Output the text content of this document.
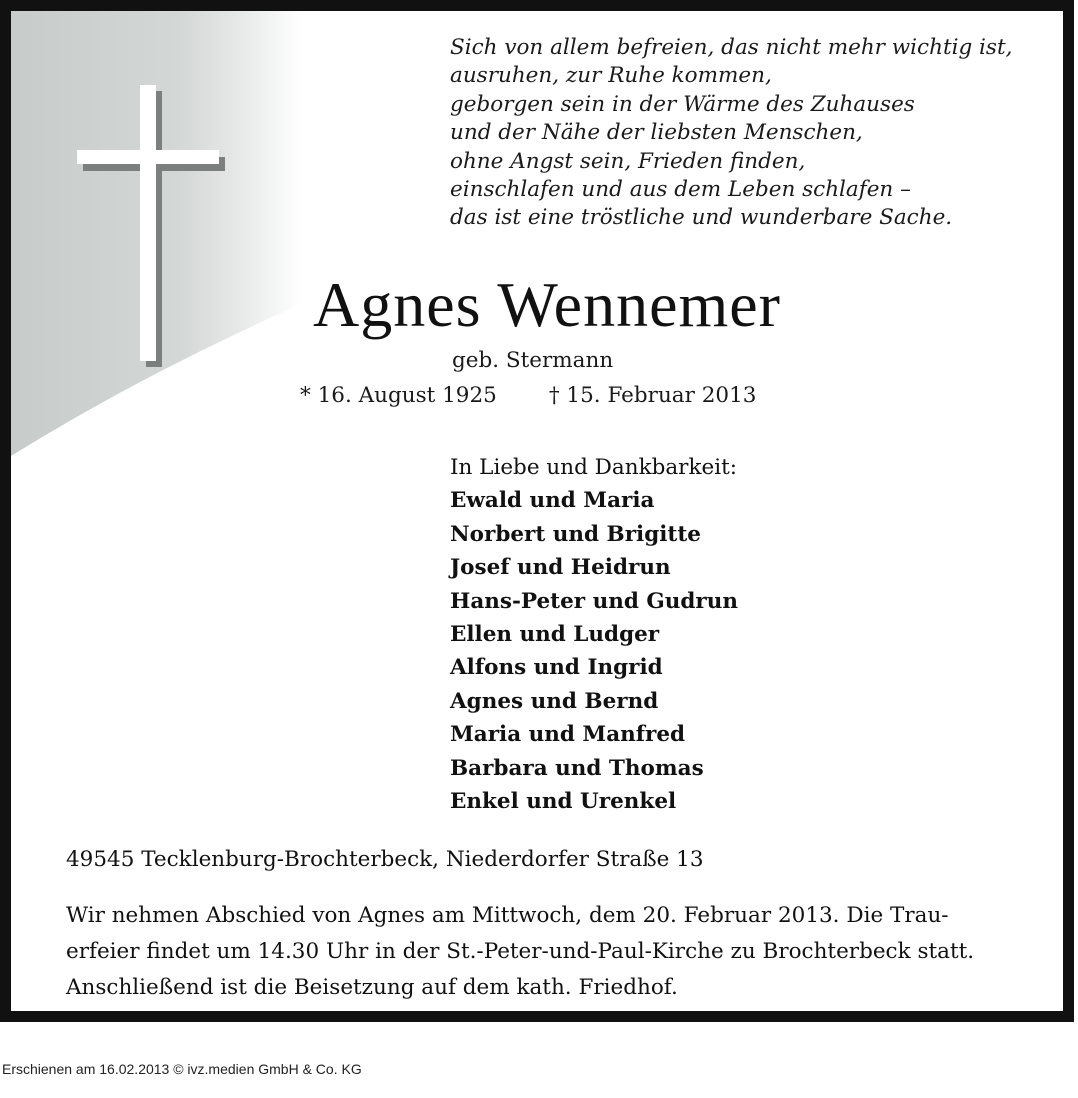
Sich von allem befreien, das nicht mehr wichtig ist,
ausruhen, zur Ruhe kommen,
geborgen sein in der Wärme des Zuhauses
und der Nähe der liebsten Menschen,
ohne Angst sein, Frieden finden,
einschlafen und aus dem Leben schlafen –
das ist eine tröstliche und wunderbare Sache.
Agnes Wennemer
geb. Stermann
* 16. August 1925 † 15. Februar 2013
In Liebe und Dankbarkeit:
Ewald und Maria
Norbert und Brigitte
Josef und Heidrun
Hans-Peter und Gudrun
Ellen und Ludger
Alfons und Ingrid
Agnes und Bernd
Maria und Manfred
Barbara und Thomas
Enkel und Urenkel
49545 Tecklenburg-Brochterbeck, Niederdorfer Straße 13
Wir nehmen Abschied von Agnes am Mittwoch, dem 20. Februar 2013. Die Trau-
erfeier findet um 14.30 Uhr in der St.-Peter-und-Paul-Kirche zu Brochterbeck statt.
Anschließend ist die Beisetzung auf dem kath. Friedhof.
Erschienen am 16.02.2013 © ivz.medien GmbH & Co. KG
